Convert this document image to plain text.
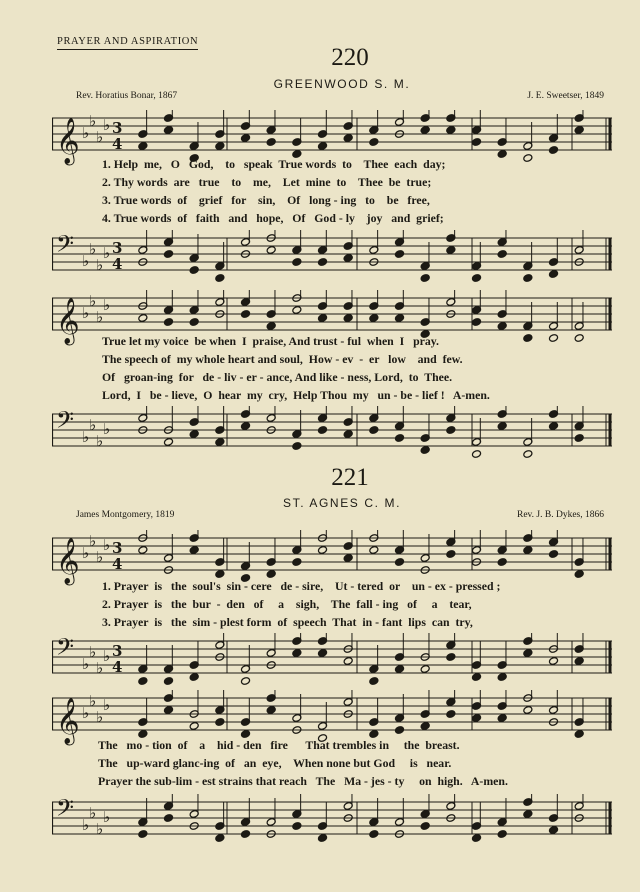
PRAYER AND ASPIRATION
220
GREENWOOD S. M.
Rev. Horatius Bonar, 1867	J. E. Sweetser, 1849
𝄞 ♭
♭
♭
♭ 3
4

1. Help  me,   O   God,    to   speak  True words  to    Thee  each  day;

2. Thy words  are   true    to    me,    Let  mine  to    Thee  be  true;

3. True words  of    grief   for    sin,    Of   long - ing   to    be   free,

4. True words  of   faith   and   hope,   Of   God - ly    joy   and  grief;

𝄢 ♭
♭
♭
♭ 3
4
𝄞 ♭
♭
♭
♭

True let my voice  be when  I  praise, And trust - ful  when  I   pray.

The speech of  my whole heart and soul,  How - ev  -  er   low    and  few.

Of   groan-ing  for   de - liv - er - ance, And like - ness, Lord,  to  Thee.

Lord,  I   be - lieve,  O  hear  my  cry,  Help Thou  my   un - be - lief !   A-men.

𝄢 ♭
♭
♭
♭
221
ST. AGNES C. M.
James Montgomery, 1819	Rev. J. B. Dykes, 1866
𝄞 ♭
♭
♭
♭ 3
4

1. Prayer  is   the  soul's  sin - cere   de - sire,    Ut - tered  or    un - ex - pressed ;

2. Prayer  is   the  bur  -  den   of     a    sigh,    The  fall - ing   of     a    tear,

3. Prayer  is   the  sim - plest form  of  speech  That  in - fant  lips  can  try,

𝄢 ♭
♭
♭
♭ 3
4
𝄞 ♭
♭
♭
♭

The   mo - tion  of    a    hid - den   fire      That trembles in     the  breast.

The   up-ward glanc-ing  of   an  eye,    When none but God     is   near.

Prayer the sub-lim - est strains that reach   The   Ma - jes - ty     on  high.   A-men.

𝄢 ♭
♭
♭
♭
